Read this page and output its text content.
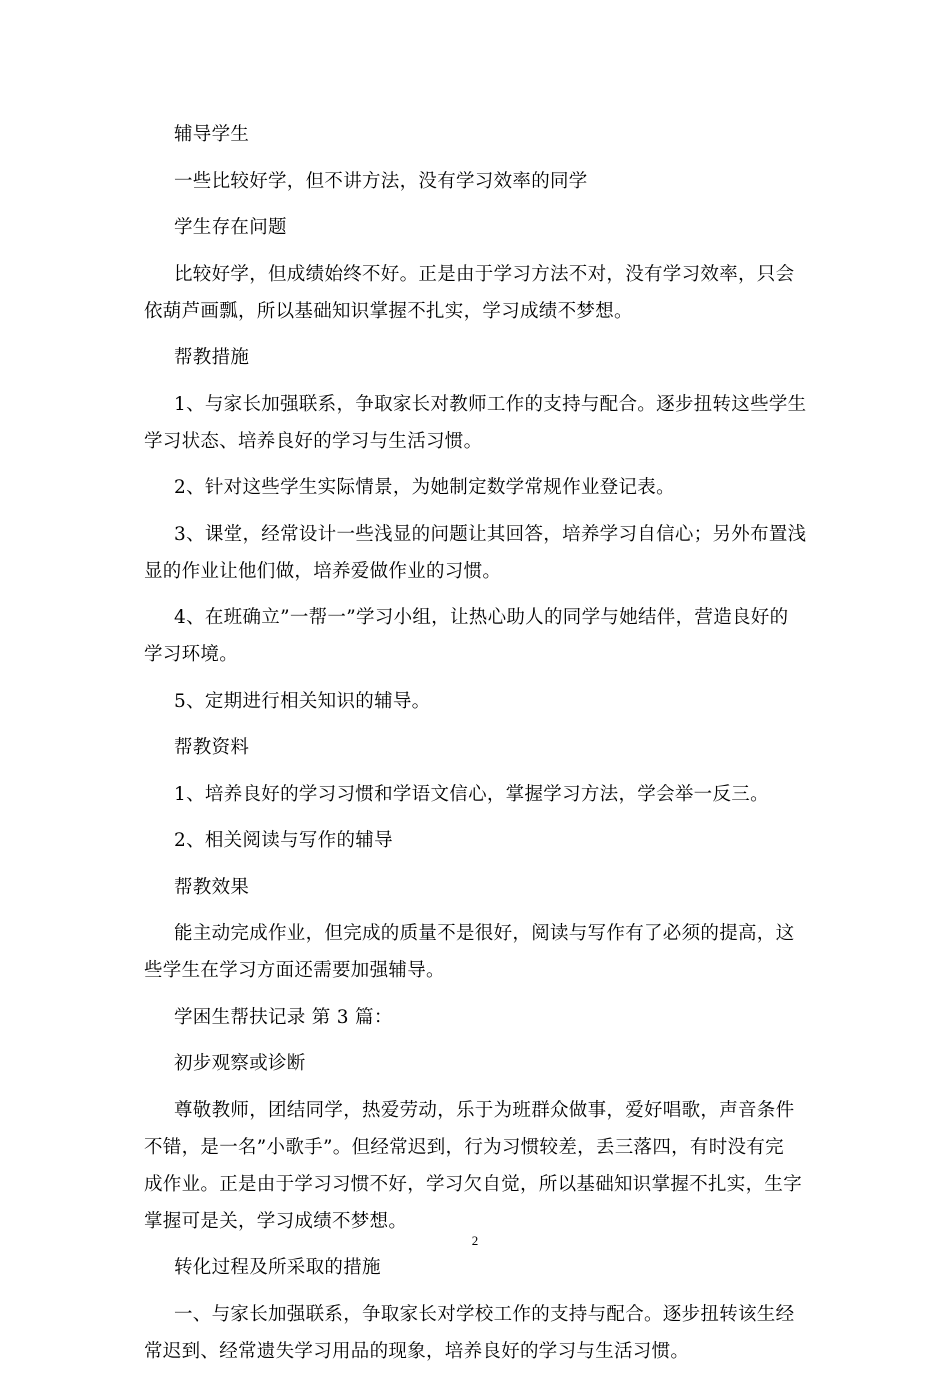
辅导学生

一些比较好学，但不讲方法，没有学习效率的同学

学生存在问题

比较好学，但成绩始终不好。正是由于学习方法不对，没有学习效率，只会
依葫芦画瓢，所以基础知识掌握不扎实，学习成绩不梦想。

帮教措施

1、与家长加强联系，争取家长对教师工作的支持与配合。逐步扭转这些学生
学习状态、培养良好的学习与生活习惯。

2、针对这些学生实际情景，为她制定数学常规作业登记表。

3、课堂，经常设计一些浅显的问题让其回答，培养学习自信心；另外布置浅
显的作业让他们做，培养爱做作业的习惯。

4、在班确立”一帮一”学习小组，让热心助人的同学与她结伴，营造良好的
学习环境。

5、定期进行相关知识的辅导。

帮教资料

1、培养良好的学习习惯和学语文信心，掌握学习方法，学会举一反三。

2、相关阅读与写作的辅导

帮教效果

能主动完成作业，但完成的质量不是很好，阅读与写作有了必须的提高，这
些学生在学习方面还需要加强辅导。

学困生帮扶记录 第 3 篇：

初步观察或诊断

尊敬教师，团结同学，热爱劳动，乐于为班群众做事，爱好唱歌，声音条件
不错，是一名”小歌手”。但经常迟到，行为习惯较差，丢三落四，有时没有完
成作业。正是由于学习习惯不好，学习欠自觉，所以基础知识掌握不扎实，生字
掌握可是关，学习成绩不梦想。

转化过程及所采取的措施

一、与家长加强联系，争取家长对学校工作的支持与配合。逐步扭转该生经
常迟到、经常遗失学习用品的现象，培养良好的学习与生活习惯。

2
